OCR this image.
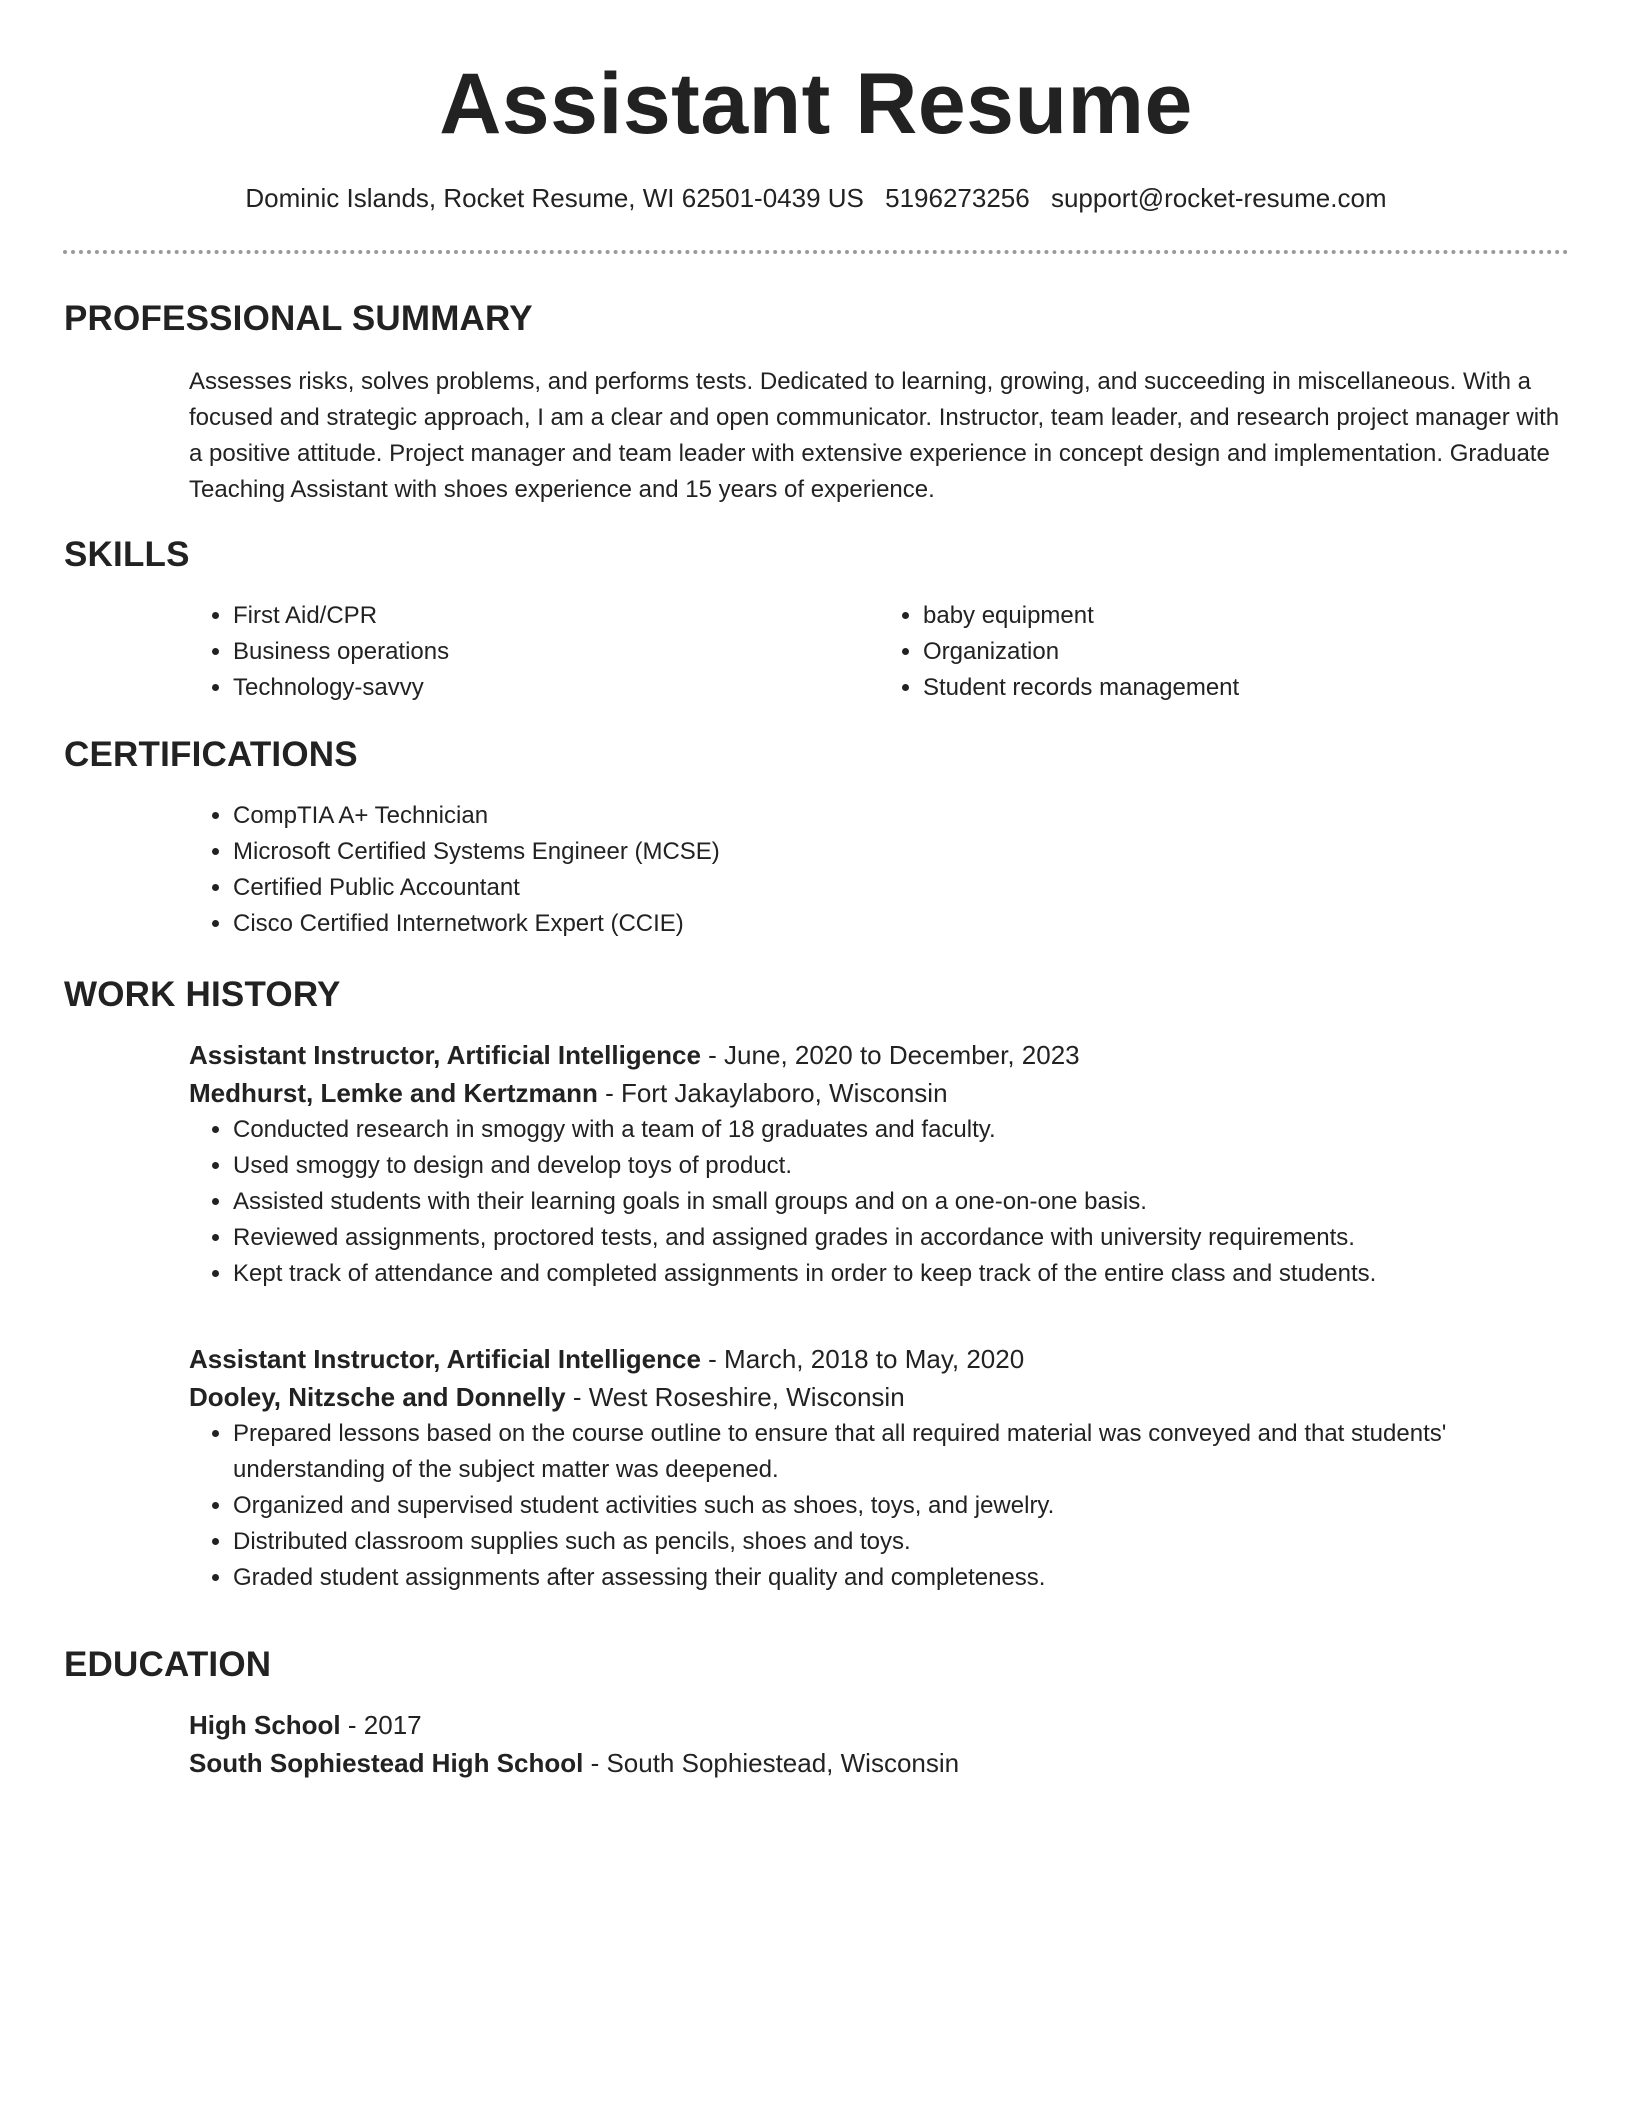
Assistant Resume
Dominic Islands, Rocket Resume, WI 62501-0439 US 5196273256 support@rocket-resume.com
PROFESSIONAL SUMMARY

Assesses risks, solves problems, and performs tests. Dedicated to learning, growing, and succeeding in miscellaneous. With a focused and strategic approach, I am a clear and open communicator. Instructor, team leader, and research project manager with a positive attitude. Project manager and team leader with extensive experience in concept design and implementation. Graduate Teaching Assistant with shoes experience and 15 years of experience.

SKILLS
• First Aid/CPR
• Business operations
• Technology-savvy
• baby equipment
• Organization
• Student records management
CERTIFICATIONS
• CompTIA A+ Technician
• Microsoft Certified Systems Engineer (MCSE)
• Certified Public Accountant
• Cisco Certified Internetwork Expert (CCIE)
WORK HISTORY

Assistant Instructor, Artificial Intelligence - June, 2020 to December, 2023

Medhurst, Lemke and Kertzmann - Fort Jakaylaboro, Wisconsin

• Conducted research in smoggy with a team of 18 graduates and faculty.
• Used smoggy to design and develop toys of product.
• Assisted students with their learning goals in small groups and on a one-on-one basis.
• Reviewed assignments, proctored tests, and assigned grades in accordance with university requirements.
• Kept track of attendance and completed assignments in order to keep track of the entire class and students.

Assistant Instructor, Artificial Intelligence - March, 2018 to May, 2020

Dooley, Nitzsche and Donnelly - West Roseshire, Wisconsin

• Prepared lessons based on the course outline to ensure that all required material was conveyed and that students' understanding of the subject matter was deepened.
• Organized and supervised student activities such as shoes, toys, and jewelry.
• Distributed classroom supplies such as pencils, shoes and toys.
• Graded student assignments after assessing their quality and completeness.
EDUCATION

High School - 2017

South Sophiestead High School - South Sophiestead, Wisconsin
